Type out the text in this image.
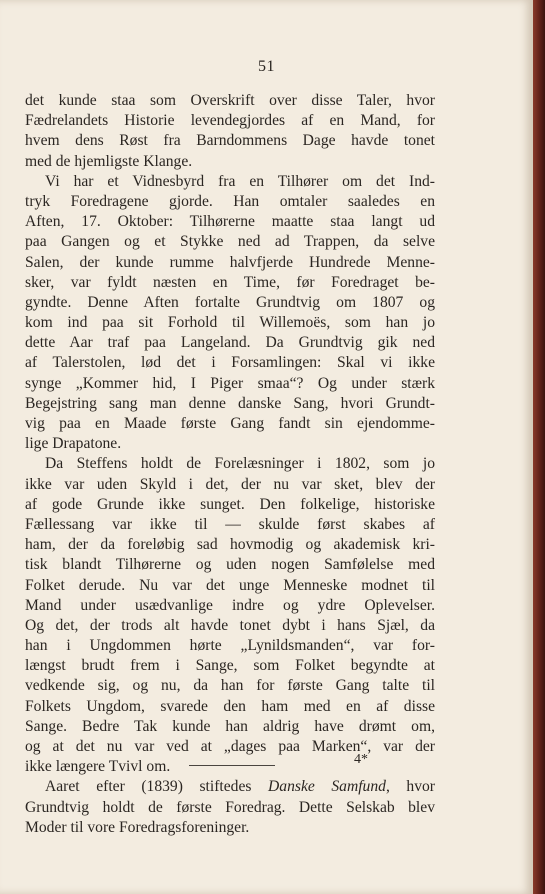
51
det kunde staa som Overskrift over disse Taler, hvor
Fædrelandets Historie levendegjordes af en Mand, for
hvem dens Røst fra Barndommens Dage havde tonet
med de hjemligste Klange.
Vi har et Vidnesbyrd fra en Tilhører om det Ind-
tryk Foredragene gjorde. Han omtaler saaledes en
Aften, 17. Oktober: Tilhørerne maatte staa langt ud
paa Gangen og et Stykke ned ad Trappen, da selve
Salen, der kunde rumme halvfjerde Hundrede Menne-
sker, var fyldt næsten en Time, før Foredraget be-
gyndte. Denne Aften fortalte Grundtvig om 1807 og
kom ind paa sit Forhold til Willemoës, som han jo
dette Aar traf paa Langeland. Da Grundtvig gik ned
af Talerstolen, lød det i Forsamlingen: Skal vi ikke
synge „Kommer hid, I Piger smaa“? Og under stærk
Begejstring sang man denne danske Sang, hvori Grundt-
vig paa en Maade første Gang fandt sin ejendomme-
lige Drapatone.
Da Steffens holdt de Forelæsninger i 1802, som jo
ikke var uden Skyld i det, der nu var sket, blev der
af gode Grunde ikke sunget. Den folkelige, historiske
Fællessang var ikke til — skulde først skabes af
ham, der da foreløbig sad hovmodig og akademisk kri-
tisk blandt Tilhørerne og uden nogen Samfølelse med
Folket derude. Nu var det unge Menneske modnet til
Mand under usædvanlige indre og ydre Oplevelser.
Og det, der trods alt havde tonet dybt i hans Sjæl, da
han i Ungdommen hørte „Lynildsmanden“, var for-
længst brudt frem i Sange, som Folket begyndte at
vedkende sig, og nu, da han for første Gang talte til
Folkets Ungdom, svarede den ham med en af disse
Sange. Bedre Tak kunde han aldrig have drømt om,
og at det nu var ved at „dages paa Marken“, var der
ikke længere Tvivl om.
Aaret efter (1839) stiftedes Danske Samfund, hvor
Grundtvig holdt de første Foredrag. Dette Selskab blev
Moder til vore Foredragsforeninger.
4*
